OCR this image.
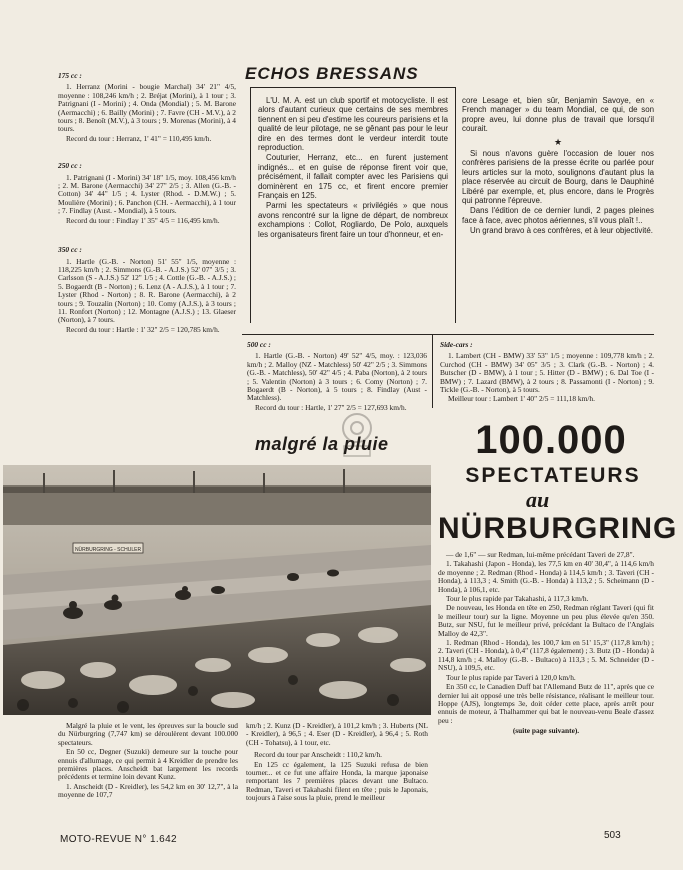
175 cc :

1. Herranz (Morini - bougie Marchal) 34' 21" 4/5, moyenne : 108,246 km/h ; 2. Bréjat (Morini), à 1 tour ; 3. Patrignani (I - Morini) ; 4. Onda (Mondial) ; 5. M. Barone (Aermacchi) ; 6. Bailly (Morini) ; 7. Favre (CH - M.V.), à 2 tours ; 8. Benoît (M.V.), à 3 tours ; 9. Morenas (Morini), à 4 tours.

Record du tour : Herranz, 1' 41" = 110,495 km/h.

250 cc :

1. Patrignani (I - Morini) 34' 18" 1/5, moy. 108,456 km/h ; 2. M. Barone (Aermacchi) 34' 27" 2/5 ; 3. Allen (G.-B. - Cotton) 34' 44" 1/5 ; 4. Lyster (Rhod. - D.M.W.) ; 5. Moulière (Morini) ; 6. Panchon (CH. - Aermacchi), à 1 tour ; 7. Findlay (Aust. - Mondial), à 5 tours.

Record du tour : Findlay 1' 35" 4/5 = 116,495 km/h.

350 cc :

1. Hartle (G.-B. - Norton) 51' 55" 1/5, moyenne : 118,225 km/h ; 2. Simmons (G.-B. - A.J.S.) 52' 07" 3/5 ; 3. Carlsson (S - A.J.S.) 52' 12" 1/5 ; 4. Cottle (G.-B. - A.J.S.) ; 5. Bogaerdt (B - Norton) ; 6. Lenz (A - A.J.S.), à 1 tour ; 7. Lyster (Rhod - Norton) ; 8. R. Barone (Aermacchi), à 2 tours ; 9. Touzalin (Norton) ; 10. Comy (A.J.S.), à 3 tours ; 11. Ronfort (Norton) ; 12. Montagne (A.J.S.) ; 13. Glaeser (Norton), à 7 tours.

Record du tour : Hartle : 1' 32" 2/5 = 120,785 km/h.

ECHOS BRESSANS

L'U. M. A. est un club sportif et motocycliste. Il est alors d'autant curieux que certains de ses membres tiennent en si peu d'estime les coureurs parisiens et la qualité de leur pilotage, ne se gênant pas pour le leur dire en des termes dont le verdeur interdit toute reproduction.

Couturier, Herranz, etc... en furent justement indignés... et en guise de réponse firent voir que, précisément, il fallait compter avec les Parisiens qui dominèrent en 175 cc, et firent encore premier Français en 125.

Parmi les spectateurs « privilégiés » que nous avons rencontré sur la ligne de départ, de nombreux exchampions : Collot, Rogliardo, De Polo, auxquels les organisateurs firent faire un tour d'honneur, et en-

core Lesage et, bien sûr, Benjamin Savoye, en « French manager » du team Mondial, ce qui, de son propre aveu, lui donne plus de travail que lorsqu'il courait.

★

Si nous n'avons guère l'occasion de louer nos confrères parisiens de la presse écrite ou parlée pour leurs articles sur la moto, soulignons d'autant plus la place réservée au circuit de Bourg, dans le Dauphiné Libéré par exemple, et, plus encore, dans le Progrès qui patronne l'épreuve.

Dans l'édition de ce dernier lundi, 2 pages pleines face à face, avec photos aériennes, s'il vous plaît !..

Un grand bravo à ces confrères, et à leur objectivité.

500 cc :

1. Hartle (G.-B. - Norton) 49' 52" 4/5, moy. : 123,036 km/h ; 2. Malloy (NZ - Matchless) 50' 42" 2/5 ; 3. Simmons (G.-B. - Matchless), 50' 42" 4/5 ; 4. Paba (Norton), à 2 tours ; 5. Valentin (Norton) à 3 tours ; 6. Comy (Norton) ; 7. Bogaerdt (B - Norton), à 5 tours ; 8. Findlay (Aust - Matchless).

Record du tour : Hartle, 1' 27" 2/5 = 127,693 km/h.

Side-cars :

1. Lambert (CH - BMW) 33' 53" 1/5 ; moyenne : 109,778 km/h ; 2. Curchod (CH - BMW) 34' 05" 3/5 ; 3. Clark (G.-B. - Norton) ; 4. Butscher (D - BMW), à 1 tour ; 5. Hitter (D - BMW) ; 6. Dal Toe (I - BMW) ; 7. Lazard (BMW), à 2 tours ; 8. Passamonti (I - Norton) ; 9. Tickle (G.-B. - Norton), à 5 tours.

Meilleur tour : Lambert 1' 40" 2/5 = 111,18 km/h.

malgré la pluie 100.000
SPECTATEURS
au
NÜRBURGRING
NÜRBURGRING - SCHULER	— de 1,6" — sur Redman, lui-même précédant Taveri de 27,8".

1. Takahashi (Japon - Honda), les 77,5 km en 40' 30,4", à 114,6 km/h de moyenne ; 2. Redman (Rhod - Honda) à 114,5 km/h ; 3. Taveri (CH - Honda), à 113,3 ; 4. Smith (G.-B. - Honda) à 113,2 ; 5. Scheimann (D - Honda), à 106,1, etc.

Tour le plus rapide par Takahashi, à 117,3 km/h.

De nouveau, les Honda en tête en 250, Redman réglant Taveri (qui fit le meilleur tour) sur la ligne. Moyenne un peu plus élevée qu'en 350. Butz, sur NSU, fut le meilleur privé, précédant la Bultaco de l'Anglais Malloy de 42,3".

1. Redman (Rhod - Honda), les 100,7 km en 51' 15,3" (117,8 km/h) ; 2. Taveri (CH - Honda), à 0,4" (117,8 également) ; 3. Butz (D - Honda) à 114,8 km/h ; 4. Malloy (G.-B. - Bultaco) à 113,3 ; 5. M. Schneider (D - NSU), à 109,5, etc.

Tour le plus rapide par Taveri à 120,0 km/h.

En 350 cc, le Canadien Duff bat l'Allemand Butz de 11", après que ce dernier lui ait opposé une très belle résistance, réalisant le meilleur tour. Hoppe (AJS), longtemps 3e, doit céder cette place, après arrêt pour ennuis de moteur, à Thalhammer qui bat le nouveau-venu Beale d'assez peu :

(suite page suivante).

Malgré la pluie et le vent, les épreuves sur la boucle sud du Nürburgring (7,747 km) se déroulèrent devant 100.000 spectateurs.

En 50 cc, Degner (Suzuki) demeure sur la touche pour ennuis d'allumage, ce qui permit à 4 Kreidler de prendre les premières places. Anscheidt bat largement les records précédents et termine loin devant Kunz.

1. Anscheidt (D - Kreidler), les 54,2 km en 30' 12,7", à la moyenne de 107,7

km/h ; 2. Kunz (D - Kreidler), à 101,2 km/h ; 3. Huberts (NL - Kreidler), à 96,5 ; 4. Eser (D - Kreidler), à 96,4 ; 5. Roth (CH - Tohatsu), à 1 tour, etc.

Record du tour par Anscheidt : 110,2 km/h.

En 125 cc également, la 125 Suzuki refusa de bien tourner... et ce fut une affaire Honda, la marque japonaise remportant les 7 premières places devant une Bultaco. Redman, Taveri et Takahashi filent en tête ; puis le Japonais, toujours à l'aise sous la pluie, prend le meilleur

MOTO-REVUE N° 1.642	503
